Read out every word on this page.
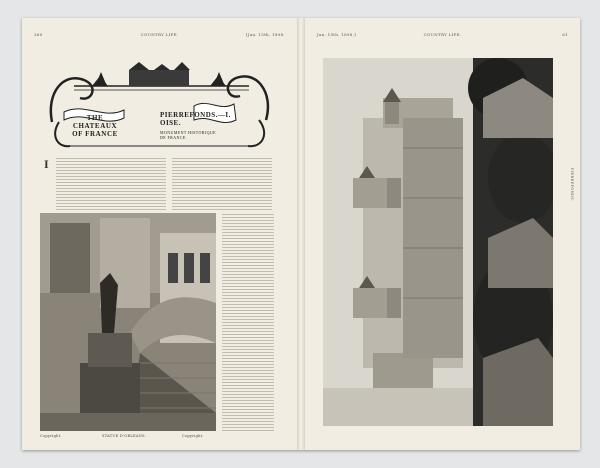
360	COUNTRY LIFE.	[Jan. 15th, 1898.
THE
CHATEAUX
OF FRANCE
PIERREFONDS.—I.
OISE.
MONUMENT HISTORIQUE
DE FRANCE.
I
Copyright.	STATUE D'ORLEANS.	Copyright.
Jan. 15th, 1898.]	COUNTRY LIFE.	61
PIERREFONDS.
